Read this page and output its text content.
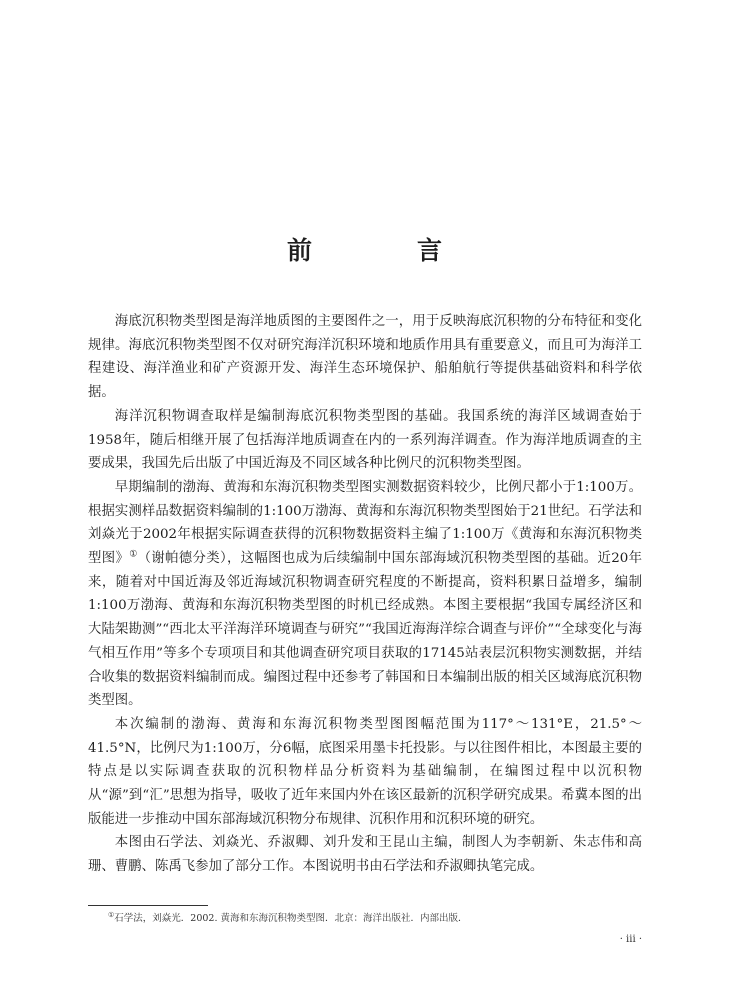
前　言

海底沉积物类型图是海洋地质图的主要图件之一，用于反映海底沉积物的分布特征和变化规律。海底沉积物类型图不仅对研究海洋沉积环境和地质作用具有重要意义，而且可为海洋工程建设、海洋渔业和矿产资源开发、海洋生态环境保护、船舶航行等提供基础资料和科学依据。

海洋沉积物调查取样是编制海底沉积物类型图的基础。我国系统的海洋区域调查始于1958年，随后相继开展了包括海洋地质调查在内的一系列海洋调查。作为海洋地质调查的主要成果，我国先后出版了中国近海及不同区域各种比例尺的沉积物类型图。

早期编制的渤海、黄海和东海沉积物类型图实测数据资料较少，比例尺都小于1:100万。根据实测样品数据资料编制的1:100万渤海、黄海和东海沉积物类型图始于21世纪。石学法和刘焱光于2002年根据实际调查获得的沉积物数据资料主编了1:100万《黄海和东海沉积物类型图》①（谢帕德分类），这幅图也成为后续编制中国东部海域沉积物类型图的基础。近20年来，随着对中国近海及邻近海域沉积物调查研究程度的不断提高，资料积累日益增多，编制1:100万渤海、黄海和东海沉积物类型图的时机已经成熟。本图主要根据“我国专属经济区和大陆架勘测”“西北太平洋海洋环境调查与研究”“我国近海海洋综合调查与评价”“全球变化与海气相互作用”等多个专项项目和其他调查研究项目获取的17145站表层沉积物实测数据，并结合收集的数据资料编制而成。编图过程中还参考了韩国和日本编制出版的相关区域海底沉积物类型图。

本次编制的渤海、黄海和东海沉积物类型图图幅范围为117°～131°E，21.5°～41.5°N，比例尺为1:100万，分6幅，底图采用墨卡托投影。与以往图件相比，本图最主要的特点是以实际调查获取的沉积物样品分析资料为基础编制，在编图过程中以沉积物从“源”到“汇”思想为指导，吸收了近年来国内外在该区最新的沉积学研究成果。希冀本图的出版能进一步推动中国东部海域沉积物分布规律、沉积作用和沉积环境的研究。

本图由石学法、刘焱光、乔淑卿、刘升发和王昆山主编，制图人为李朝新、朱志伟和高珊、曹鹏、陈禹飞参加了部分工作。本图说明书由石学法和乔淑卿执笔完成。

①石学法，刘焱光．2002. 黄海和东海沉积物类型图．北京：海洋出版社．内部出版．
· iii ·
